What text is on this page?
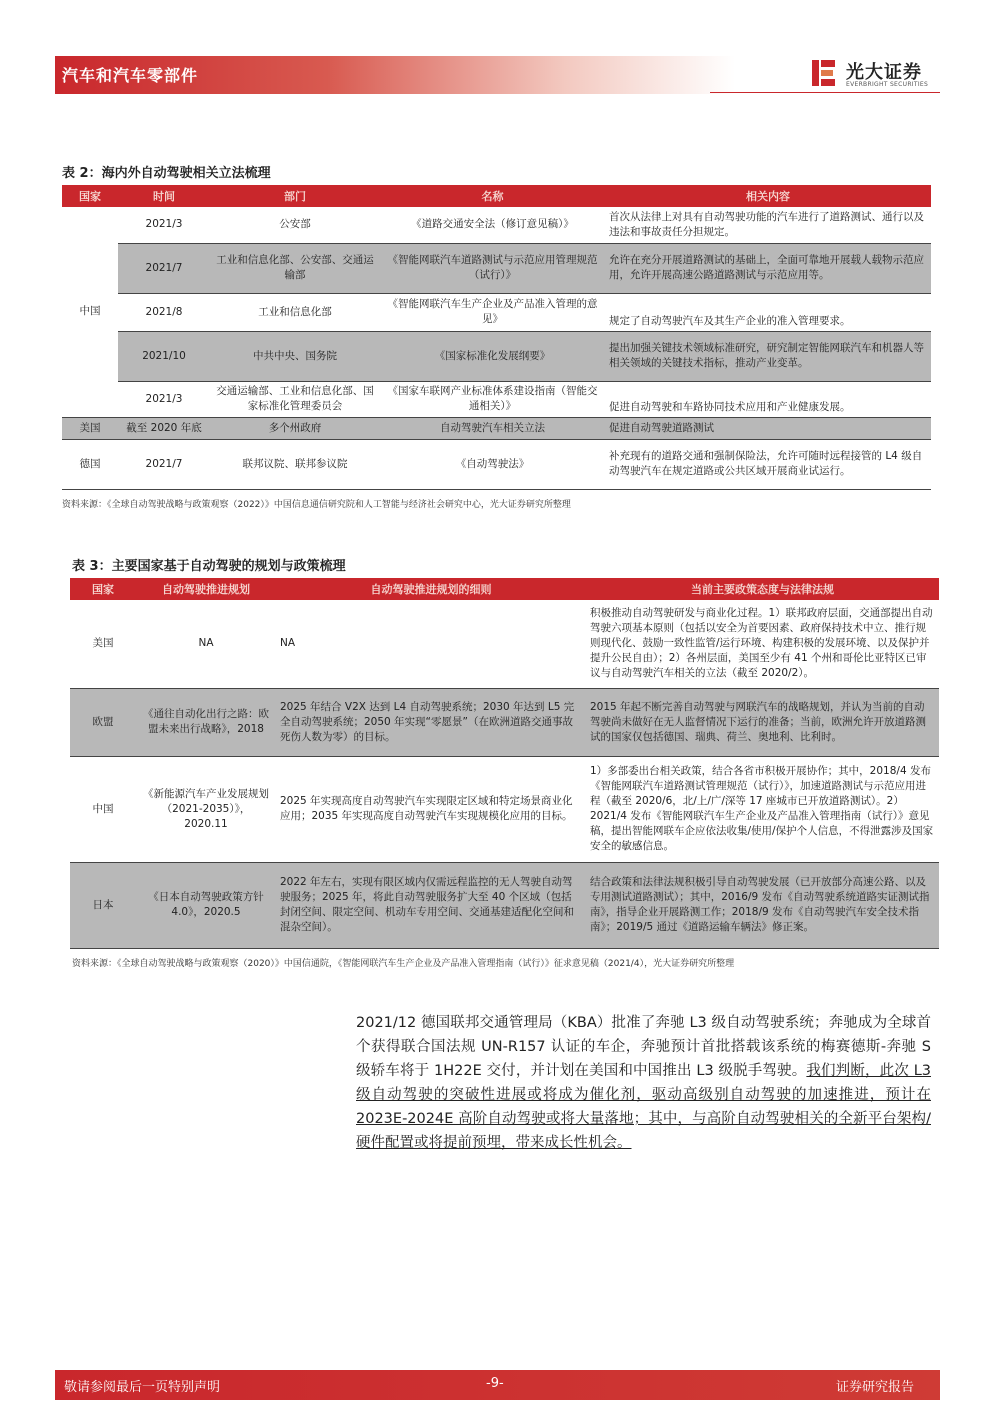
汽车和汽车零部件	光大证券
EVERBRIGHT SECURITIES
表 2：海内外自动驾驶相关立法梳理
国家	时间	部门	名称	相关内容
中国	2021/3	公安部	《道路交通安全法（修订意见稿）》	首次从法律上对具有自动驾驶功能的汽车进行了道路测试、通行以及违法和事故责任分担规定。
	2021/7	工业和信息化部、公安部、交通运输部	《智能网联汽车道路测试与示范应用管理规范（试行）》	允许在充分开展道路测试的基础上，全面可靠地开展载人载物示范应用，允许开展高速公路道路测试与示范应用等。
	2021/8	工业和信息化部	《智能网联汽车生产企业及产品准入管理的意见》	规定了自动驾驶汽车及其生产企业的准入管理要求。
	2021/10	中共中央、国务院	《国家标准化发展纲要》	提出加强关键技术领域标准研究，研究制定智能网联汽车和机器人等相关领域的关键技术指标，推动产业变革。
	2021/3	交通运输部、工业和信息化部、国家标准化管理委员会	《国家车联网产业标准体系建设指南（智能交通相关）》	促进自动驾驶和车路协同技术应用和产业健康发展。
美国	截至 2020 年底	多个州政府	自动驾驶汽车相关立法	促进自动驾驶道路测试
德国	2021/7	联邦议院、联邦参议院	《自动驾驶法》	补充现有的道路交通和强制保险法，允许可随时远程接管的 L4 级自动驾驶汽车在规定道路或公共区域开展商业试运行。
资料来源：《全球自动驾驶战略与政策观察（2022）》中国信息通信研究院和人工智能与经济社会研究中心，光大证券研究所整理
表 3：主要国家基于自动驾驶的规划与政策梳理
国家	自动驾驶推进规划	自动驾驶推进规划的细则	当前主要政策态度与法律法规
美国	NA	NA	积极推动自动驾驶研发与商业化过程。1）联邦政府层面，交通部提出自动驾驶六项基本原则（包括以安全为首要因素、政府保持技术中立、推行规则现代化、鼓励一致性监管/运行环境、构建积极的发展环境、以及保护并提升公民自由）；2）各州层面，美国至少有 41 个州和哥伦比亚特区已审议与自动驾驶汽车相关的立法（截至 2020/2）。
欧盟	《通往自动化出行之路：欧盟未来出行战略》，2018	2025 年结合 V2X 达到 L4 自动驾驶系统；2030 年达到 L5 完全自动驾驶系统；2050 年实现“零愿景”（在欧洲道路交通事故死伤人数为零）的目标。	2015 年起不断完善自动驾驶与网联汽车的战略规划，并认为当前的自动驾驶尚未做好在无人监督情况下运行的准备；当前，欧洲允许开放道路测试的国家仅包括德国、瑞典、荷兰、奥地利、比利时。
中国	《新能源汽车产业发展规划（2021-2035）》，2020.11	2025 年实现高度自动驾驶汽车实现限定区域和特定场景商业化应用；2035 年实现高度自动驾驶汽车实现规模化应用的目标。	1）多部委出台相关政策，结合各省市积极开展协作；其中，2018/4 发布《智能网联汽车道路测试管理规范（试行）》，加速道路测试与示范应用进程（截至 2020/6，北/上/广/深等 17 座城市已开放道路测试）。2）2021/4 发布《智能网联汽车生产企业及产品准入管理指南（试行）》意见稿，提出智能网联车企应依法收集/使用/保护个人信息，不得泄露涉及国家安全的敏感信息。
日本	《日本自动驾驶政策方针 4.0》，2020.5	2022 年左右，实现有限区域内仅需远程监控的无人驾驶自动驾驶服务；2025 年，将此自动驾驶服务扩大至 40 个区域（包括封闭空间、限定空间、机动车专用空间、交通基建适配化空间和混杂空间）。	结合政策和法律法规积极引导自动驾驶发展（已开放部分高速公路、以及专用测试道路测试）；其中，2016/9 发布《自动驾驶系统道路实证测试指南》，指导企业开展路测工作；2018/9 发布《自动驾驶汽车安全技术指南》；2019/5 通过《道路运输车辆法》修正案。
资料来源：《全球自动驾驶战略与政策观察（2020）》中国信通院，《智能网联汽车生产企业及产品准入管理指南（试行）》征求意见稿（2021/4），光大证券研究所整理
2021/12 德国联邦交通管理局（KBA）批准了奔驰 L3 级自动驾驶系统；奔驰成为全球首个获得联合国法规 UN-R157 认证的车企，奔驰预计首批搭载该系统的梅赛德斯-奔驰 S 级轿车将于 1H22E 交付，并计划在美国和中国推出 L3 级脱手驾驶。我们判断，此次 L3 级自动驾驶的突破性进展或将成为催化剂，驱动高级别自动驾驶的加速推进，预计在 2023E-2024E 高阶自动驾驶或将大量落地；其中，与高阶自动驾驶相关的全新平台架构/硬件配置或将提前预埋，带来成长性机会。
敬请参阅最后一页特别声明	-9-	证券研究报告
